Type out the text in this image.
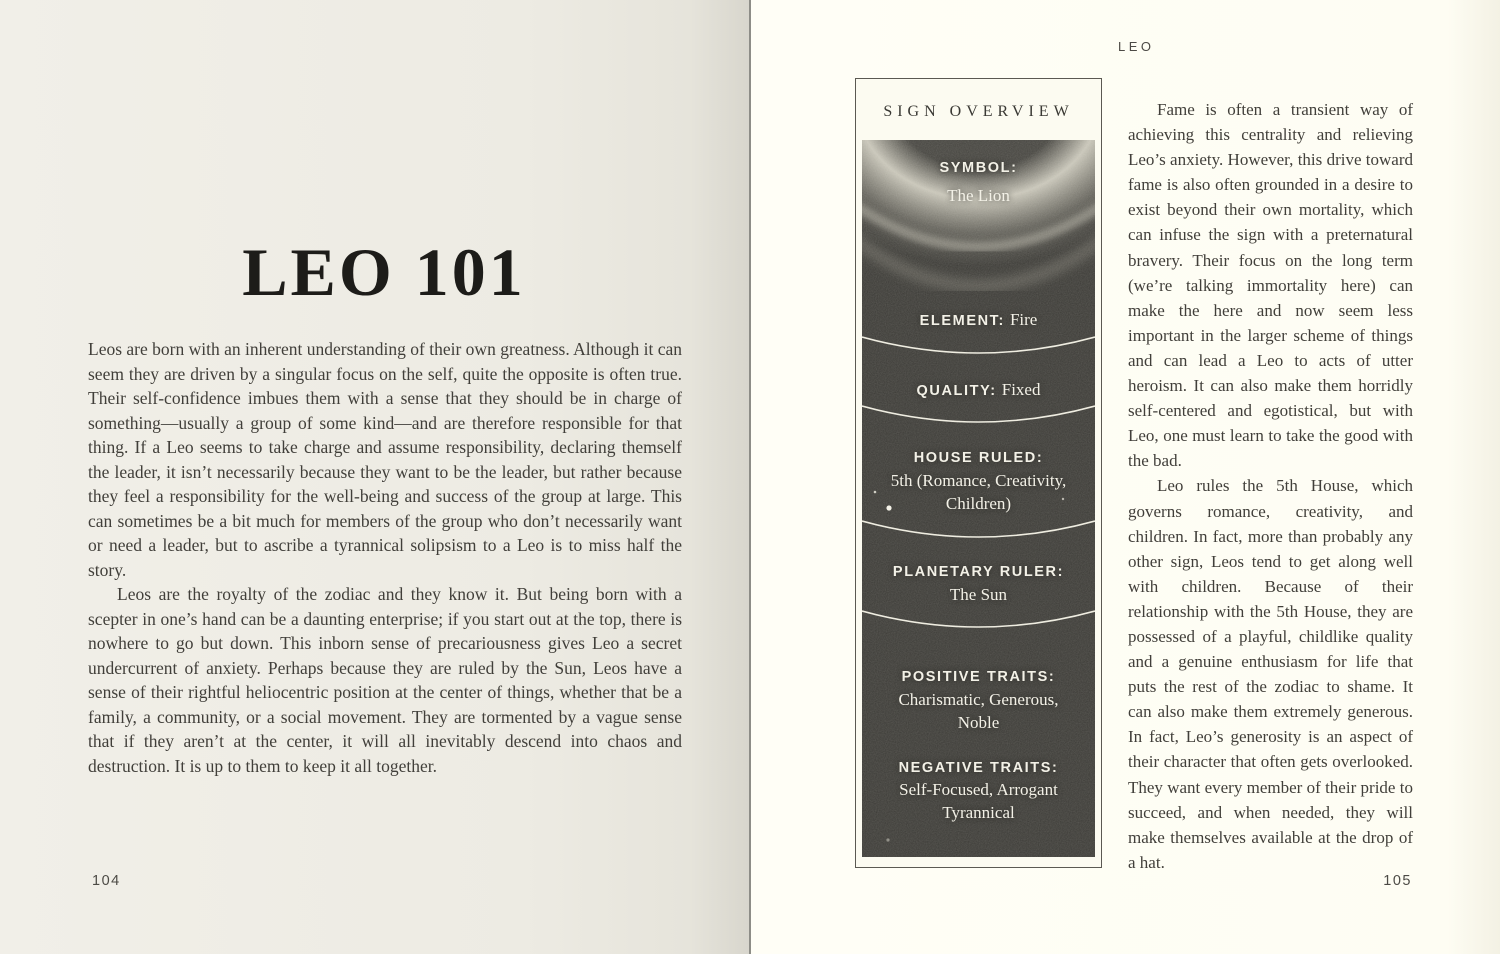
LEO 101

Leos are born with an inherent understanding of their own greatness. Although it can seem they are driven by a singular focus on the self, quite the opposite is often true. Their self-confidence imbues them with a sense that they should be in charge of something—usually a group of some kind—and are therefore responsible for that thing. If a Leo seems to take charge and assume responsibility, declaring themself the leader, it isn’t necessarily because they want to be the leader, but rather because they feel a responsibility for the well-being and success of the group at large. This can sometimes be a bit much for members of the group who don’t necessarily want or need a leader, but to ascribe a tyrannical solipsism to a Leo is to miss half the story.

Leos are the royalty of the zodiac and they know it. But being born with a scepter in one’s hand can be a daunting enterprise; if you start out at the top, there is nowhere to go but down. This inborn sense of precariousness gives Leo a secret undercurrent of anxiety. Perhaps because they are ruled by the Sun, Leos have a sense of their rightful heliocentric position at the center of things, whether that be a family, a community, or a social movement. They are tormented by a vague sense that if they aren’t at the center, it will all inevitably descend into chaos and destruction. It is up to them to keep it all together.

104
LEO
SIGN OVERVIEW
SYMBOL:
The Lion
ELEMENT: Fire
QUALITY: Fixed
HOUSE RULED:
5th (Romance, Creativity,
Children)
PLANETARY RULER:
The Sun
POSITIVE TRAITS:
Charismatic, Generous,
Noble
NEGATIVE TRAITS:
Self-Focused, Arrogant
Tyrannical

Fame is often a transient way of achieving this centrality and relieving Leo’s anxiety. However, this drive toward fame is also often grounded in a desire to exist beyond their own mortality, which can infuse the sign with a preternatural bravery. Their focus on the long term (we’re talking immortality here) can make the here and now seem less important in the larger scheme of things and can lead a Leo to acts of utter heroism. It can also make them horridly self-centered and egotistical, but with Leo, one must learn to take the good with the bad.

Leo rules the 5th House, which governs romance, creativity, and children. In fact, more than probably any other sign, Leos tend to get along well with children. Because of their relationship with the 5th House, they are possessed of a playful, childlike quality and a genuine enthusiasm for life that puts the rest of the zodiac to shame. It can also make them extremely generous. In fact, Leo’s generosity is an aspect of their character that often gets overlooked. They want every member of their pride to succeed, and when needed, they will make themselves available at the drop of a hat.

105
